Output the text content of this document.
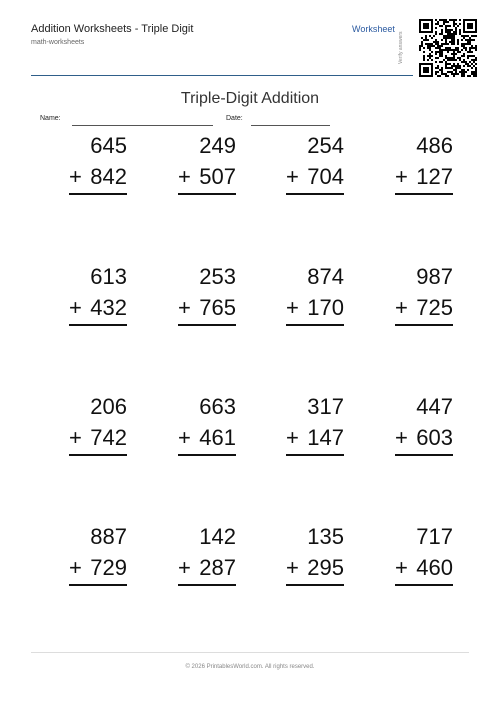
Addition Worksheets - Triple Digit
math-worksheets
Worksheet
Verify answers
Triple-Digit Addition
Name:	Date:
645
+ 842
249
+ 507
254
+ 704
486
+ 127
613
+ 432
253
+ 765
874
+ 170
987
+ 725
206
+ 742
663
+ 461
317
+ 147
447
+ 603
887
+ 729
142
+ 287
135
+ 295
717
+ 460
© 2026 PrintablesWorld.com. All rights reserved.
